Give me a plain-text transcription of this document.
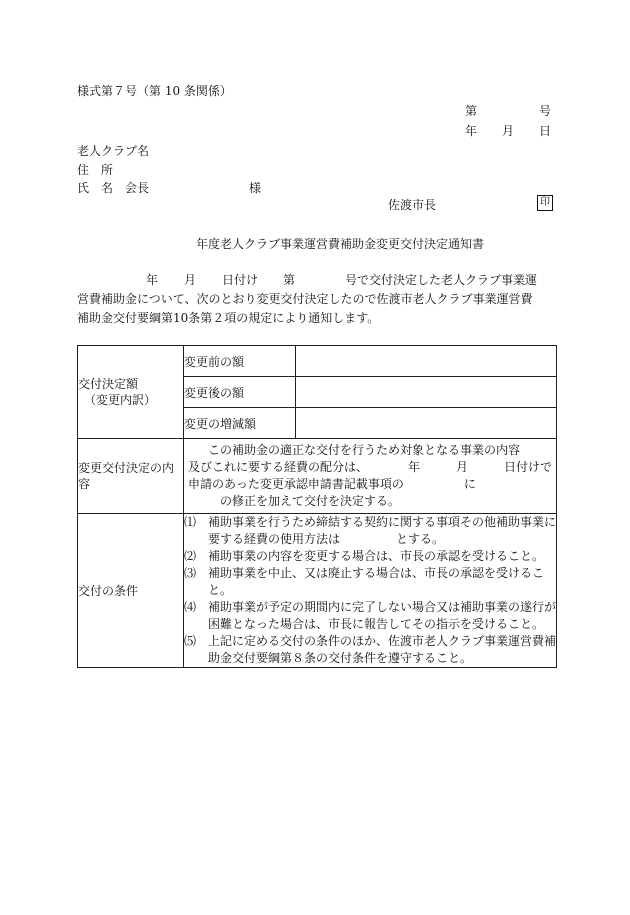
様式第７号（第 10 条関係）
第	号
年 月 日
老人クラブ名
住　所
氏　名　会長	様
佐渡市長	印
年度老人クラブ事業運営費補助金変更交付決定通知書
年 月 日付け 第	号で交付決定した老人クラブ事業運
営費補助金について、次のとおり変更交付決定したので佐渡市老人クラブ事業運営費
補助金交付要綱第10条第２項の規定により通知します。
交付決定額
（変更内訳）	変更前の額	
	変更後の額	
	変更の増減額	
変更交付決定の内容	この補助金の適正な交付を行うため対象となる事業の内容
及びこれに要する経費の配分は、 年 月 日付けで
申請のあった変更承認申請書記載事項の に
の修正を加えて交付を決定する。	

交付の条件	⑴　 補助事業を行うため締結する契約に関する事項その他補助事業に要する経費の使用方法は とする。
⑵　 補助事業の内容を変更する場合は、市長の承認を受けること。
⑶　 補助事業を中止、又は廃止する場合は、市長の承認を受けること。
⑷　 補助事業が予定の期間内に完了しない場合又は補助事業の遂行が困難となった場合は、市長に報告してその指示を受けること。
⑸　 上記に定める交付の条件のほか、佐渡市老人クラブ事業運営費補助金交付要綱第８条の交付条件を遵守すること。	
